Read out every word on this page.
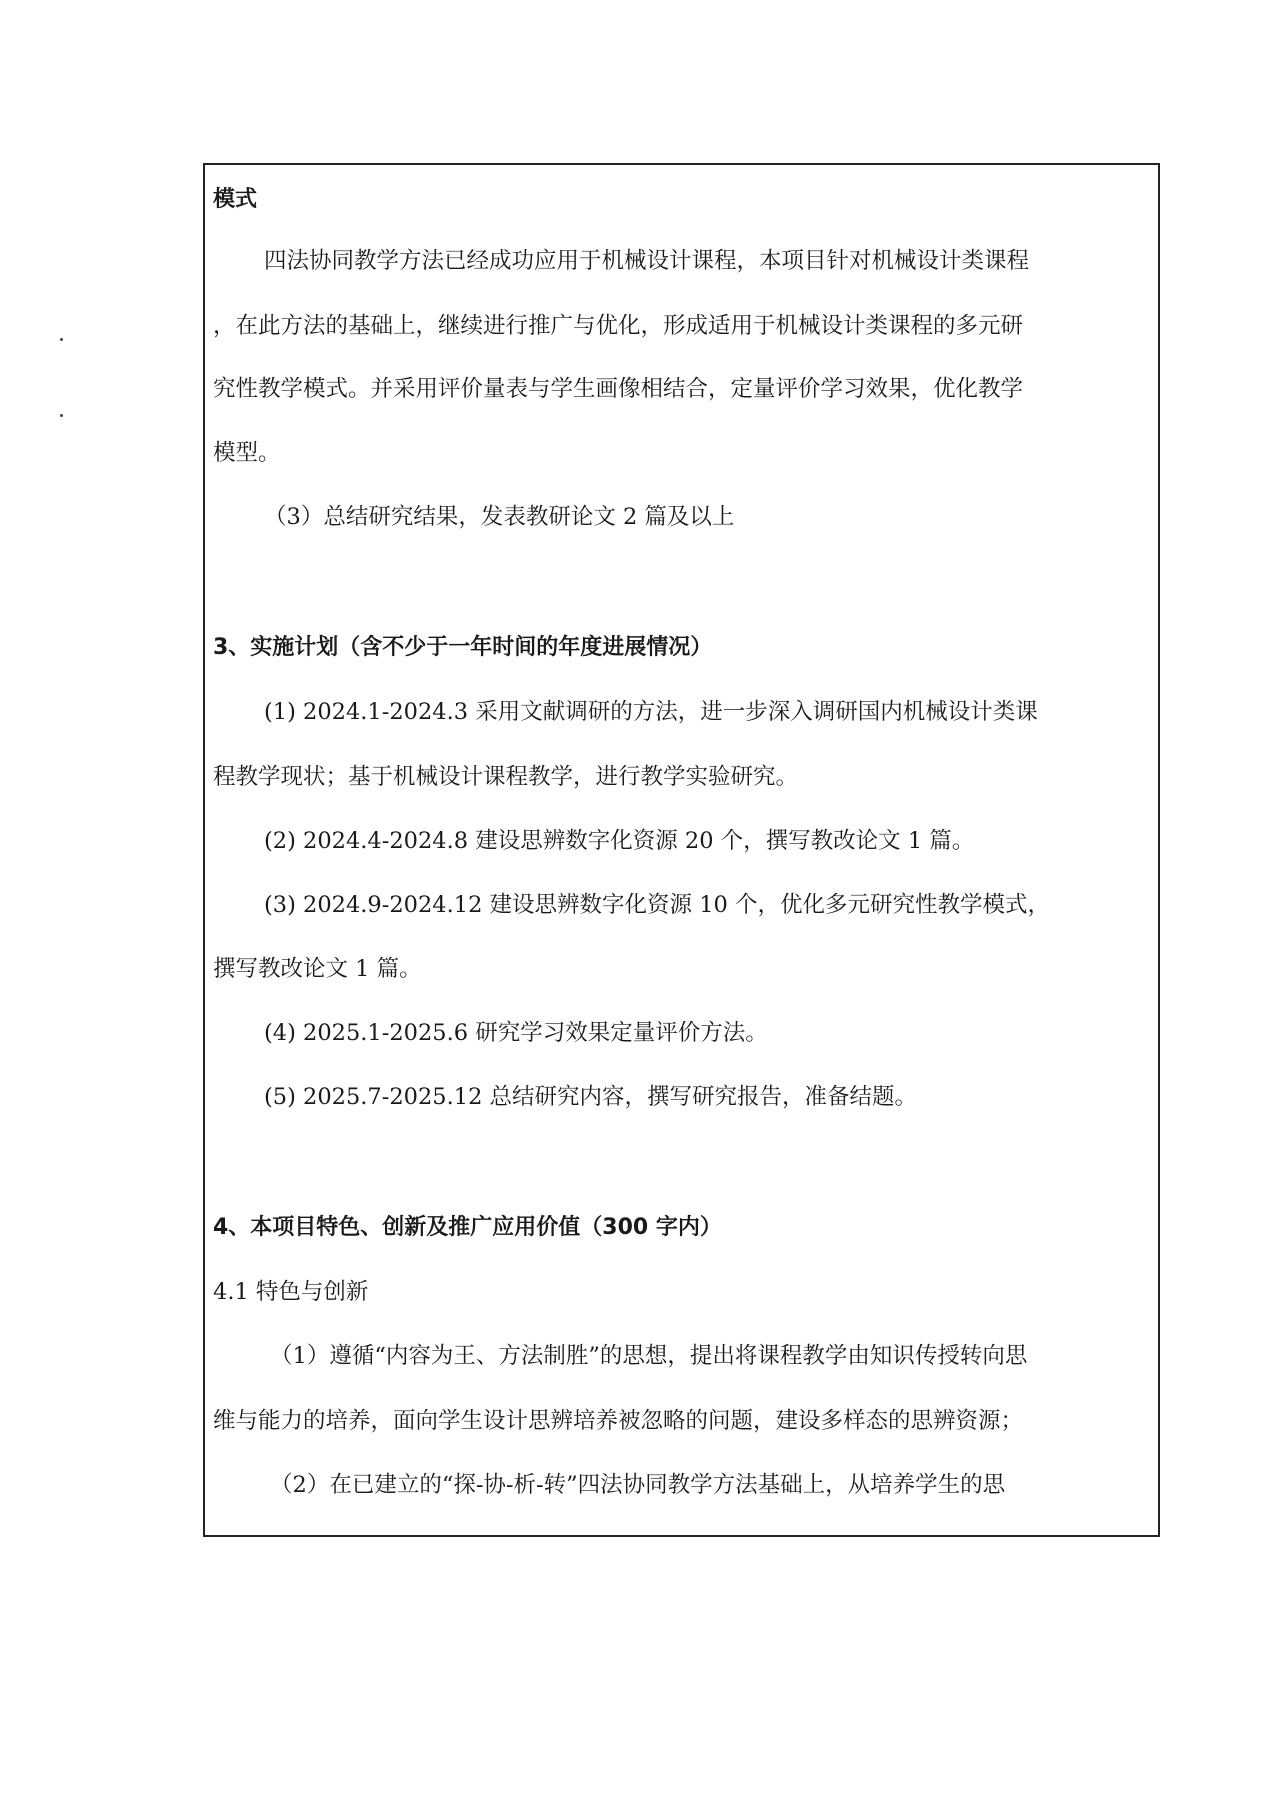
模式
四法协同教学方法已经成功应用于机械设计课程，本项目针对机械设计类课程
，在此方法的基础上，继续进行推广与优化，形成适用于机械设计类课程的多元研
究性教学模式。并采用评价量表与学生画像相结合，定量评价学习效果，优化教学
模型。
（3）总结研究结果，发表教研论文 2 篇及以上
3、实施计划（含不少于一年时间的年度进展情况）
(1) 2024.1-2024.3 采用文献调研的方法，进一步深入调研国内机械设计类课
程教学现状；基于机械设计课程教学，进行教学实验研究。
(2) 2024.4-2024.8 建设思辨数字化资源 20 个，撰写教改论文 1 篇。
(3) 2024.9-2024.12 建设思辨数字化资源 10 个，优化多元研究性教学模式，
撰写教改论文 1 篇。
(4) 2025.1-2025.6 研究学习效果定量评价方法。
(5) 2025.7-2025.12 总结研究内容，撰写研究报告，准备结题。
4、本项目特色、创新及推广应用价值（300 字内）
4.1 特色与创新
（1）遵循“内容为王、方法制胜”的思想，提出将课程教学由知识传授转向思
维与能力的培养，面向学生设计思辨培养被忽略的问题，建设多样态的思辨资源；
（2）在已建立的“探-协-析-转”四法协同教学方法基础上，从培养学生的思
